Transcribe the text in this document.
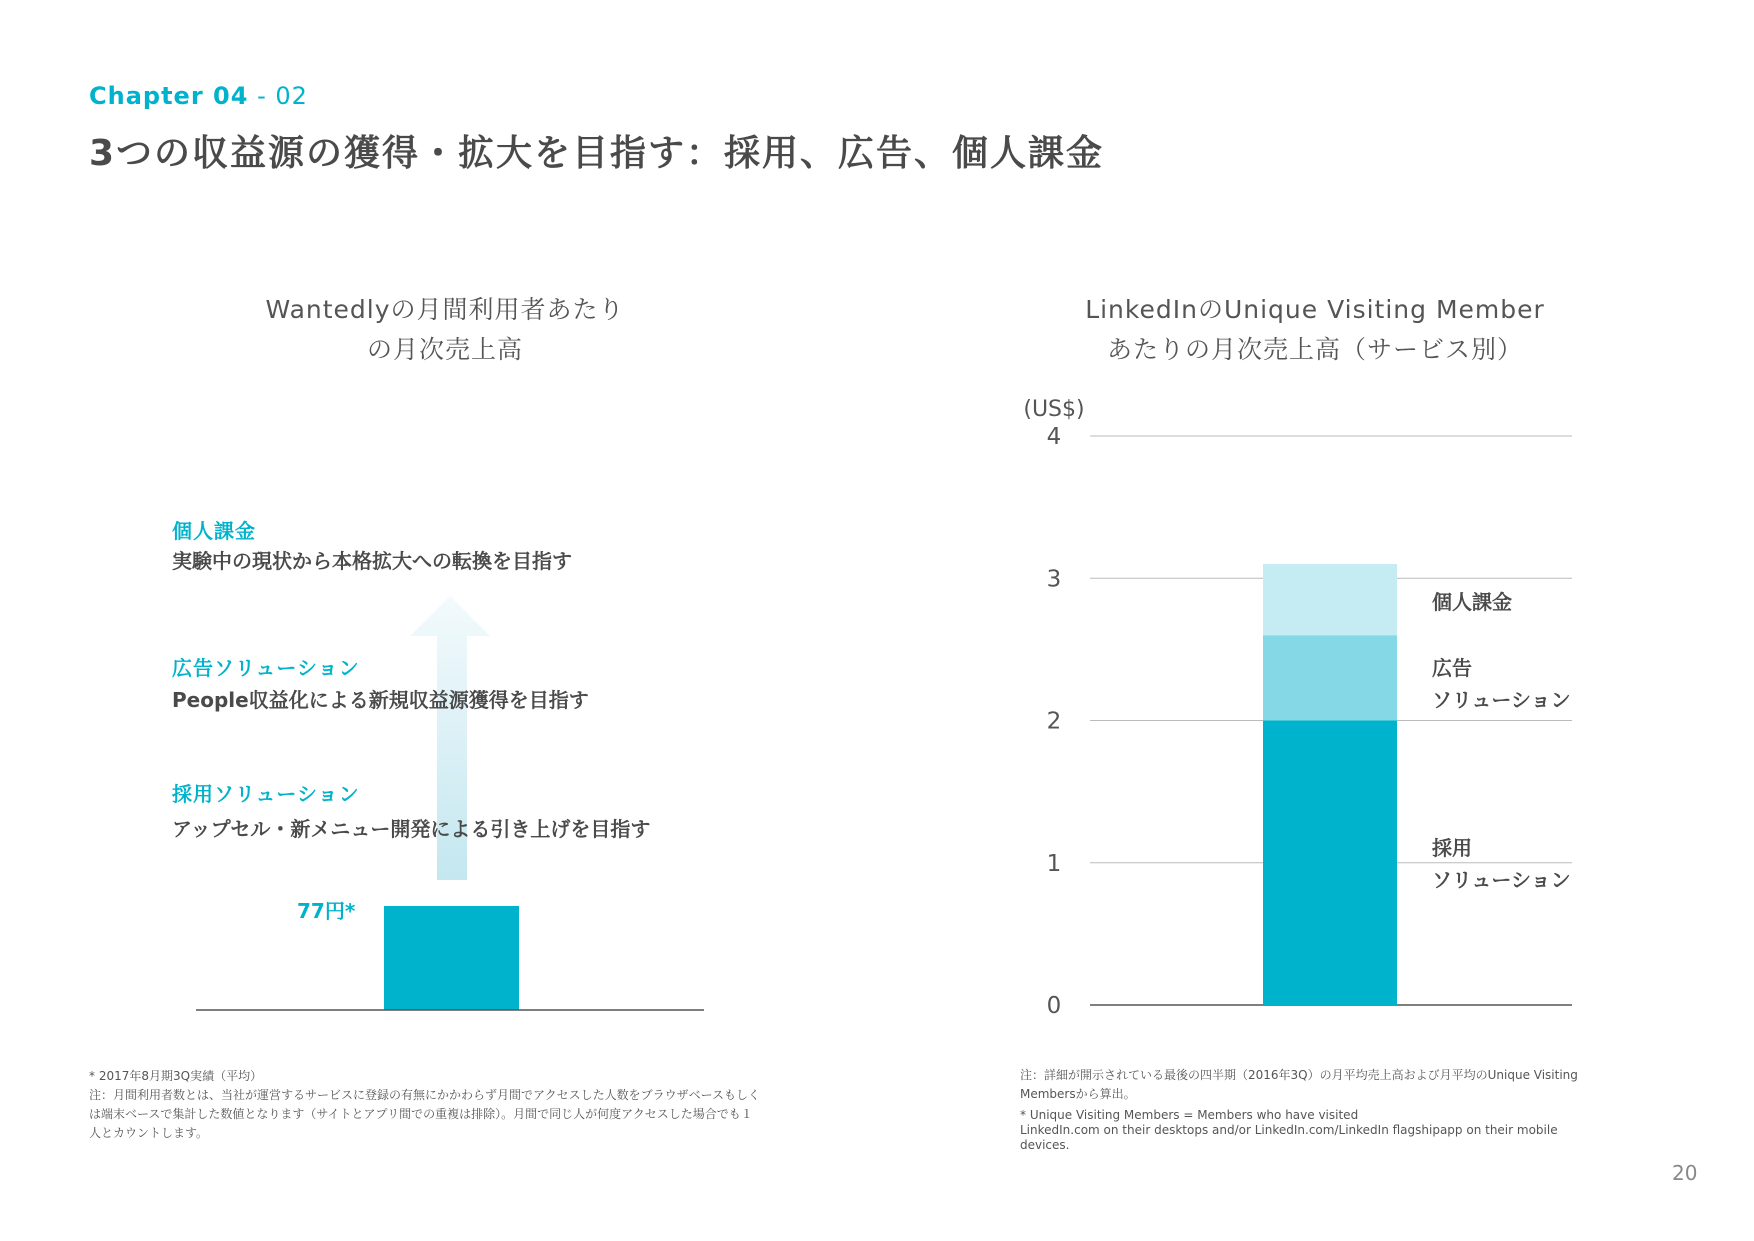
Chapter 04 - 02
3つの収益源の獲得・拡大を目指す：採用、広告、個人課金
Wantedlyの月間利用者あたり
の月次売上高
個人課金
実験中の現状から本格拡大への転換を目指す
広告ソリューション
People収益化による新規収益源獲得を目指す
採用ソリューション
アップセル・新メニュー開発による引き上げを目指す
77円*
* 2017年8月期3Q実績（平均）
注：月間利用者数とは、当社が運営するサービスに登録の有無にかかわらず月間でアクセスした人数をブラウザベースもしく
は端末ベースで集計した数値となります（サイトとアプリ間での重複は排除）。月間で同じ人が何度アクセスした場合でも１
人とカウントします。
LinkedInのUnique Visiting Member
あたりの月次売上高（サービス別）
(US$)
0
1
2
3
4
個人課金
広告
ソリューション
採用
ソリューション
注：詳細が開示されている最後の四半期（2016年3Q）の月平均売上高および月平均のUnique Visiting
Membersから算出。
* Unique Visiting Members = Members who have visited
LinkedIn.com on their desktops and/or LinkedIn.com/LinkedIn flagshipapp on their mobile
devices.
20
